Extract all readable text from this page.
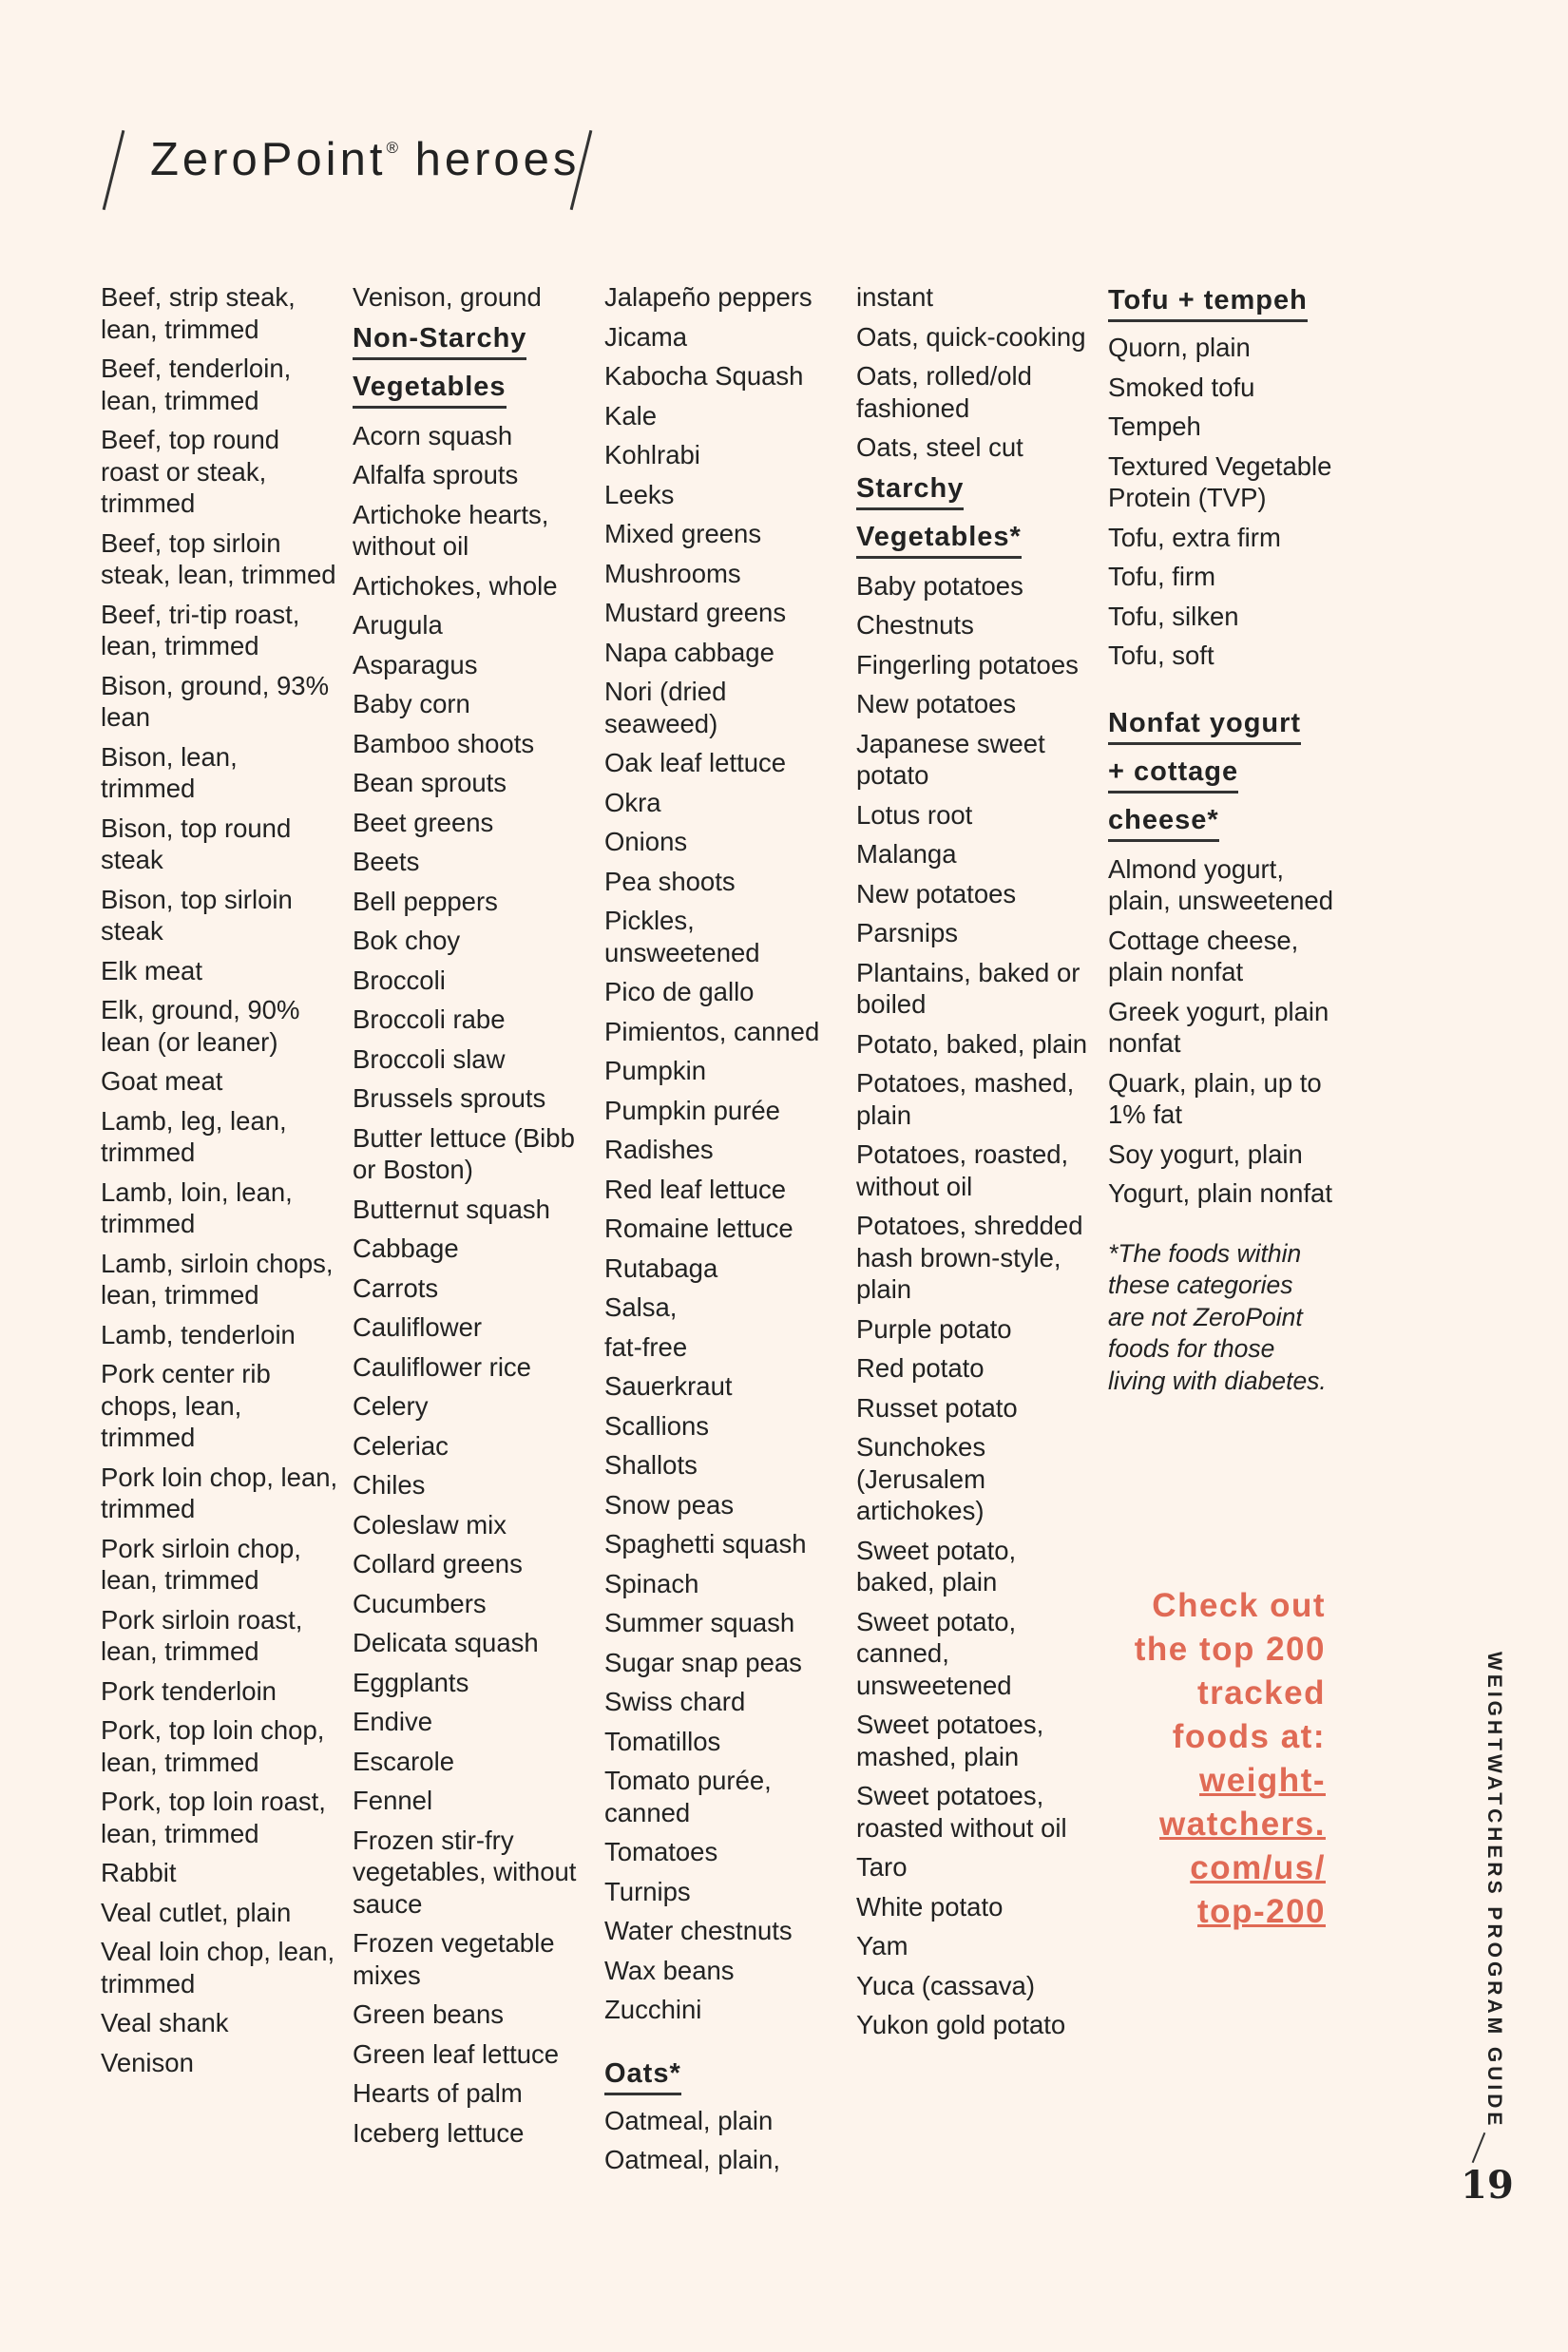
ZeroPoint® heroes
Beef, strip steak, lean, trimmed
Beef, tenderloin, lean, trimmed
Beef, top round roast or steak, trimmed
Beef, top sirloin steak, lean, trimmed
Beef, tri-tip roast, lean, trimmed
Bison, ground, 93% lean
Bison, lean, trimmed
Bison, top round steak
Bison, top sirloin steak
Elk meat
Elk, ground, 90% lean (or leaner)
Goat meat
Lamb, leg, lean, trimmed
Lamb, loin, lean, trimmed
Lamb, sirloin chops, lean, trimmed
Lamb, tenderloin
Pork center rib chops, lean, trimmed
Pork loin chop, lean, trimmed
Pork sirloin chop, lean, trimmed
Pork sirloin roast, lean, trimmed
Pork tenderloin
Pork, top loin chop, lean, trimmed
Pork, top loin roast, lean, trimmed
Rabbit
Veal cutlet, plain
Veal loin chop, lean, trimmed
Veal shank
Venison
Venison, ground
Non-Starchy
Vegetables
Acorn squash
Alfalfa sprouts
Artichoke hearts, without oil
Artichokes, whole
Arugula
Asparagus
Baby corn
Bamboo shoots
Bean sprouts
Beet greens
Beets
Bell peppers
Bok choy
Broccoli
Broccoli rabe
Broccoli slaw
Brussels sprouts
Butter lettuce (Bibb or Boston)
Butternut squash
Cabbage
Carrots
Cauliflower
Cauliflower rice
Celery
Celeriac
Chiles
Coleslaw mix
Collard greens
Cucumbers
Delicata squash
Eggplants
Endive
Escarole
Fennel
Frozen stir-fry vegetables, without sauce
Frozen vegetable mixes
Green beans
Green leaf lettuce
Hearts of palm
Iceberg lettuce
Jalapeño peppers
Jicama
Kabocha Squash
Kale
Kohlrabi
Leeks
Mixed greens
Mushrooms
Mustard greens
Napa cabbage
Nori (dried seaweed)
Oak leaf lettuce
Okra
Onions
Pea shoots
Pickles, unsweetened
Pico de gallo
Pimientos, canned
Pumpkin
Pumpkin purée
Radishes
Red leaf lettuce
Romaine lettuce
Rutabaga
Salsa,
fat-free
Sauerkraut
Scallions
Shallots
Snow peas
Spaghetti squash
Spinach
Summer squash
Sugar snap peas
Swiss chard
Tomatillos
Tomato purée, canned
Tomatoes
Turnips
Water chestnuts
Wax beans
Zucchini
Oats*
Oatmeal, plain
Oatmeal, plain,
instant
Oats, quick-cooking
Oats, rolled/old fashioned
Oats, steel cut
Starchy
Vegetables*
Baby potatoes
Chestnuts
Fingerling potatoes
New potatoes
Japanese sweet potato
Lotus root
Malanga
New potatoes
Parsnips
Plantains, baked or boiled
Potato, baked, plain
Potatoes, mashed, plain
Potatoes, roasted, without oil
Potatoes, shredded hash brown-style, plain
Purple potato
Red potato
Russet potato
Sunchokes (Jerusalem artichokes)
Sweet potato, baked, plain
Sweet potato, canned, unsweetened
Sweet potatoes, mashed, plain
Sweet potatoes, roasted without oil
Taro
White potato
Yam
Yuca (cassava)
Yukon gold potato
Tofu + tempeh
Quorn, plain
Smoked tofu
Tempeh
Textured Vegetable Protein (TVP)
Tofu, extra firm
Tofu, firm
Tofu, silken
Tofu, soft
Nonfat yogurt
+ cottage
cheese*
Almond yogurt, plain, unsweetened
Cottage cheese, plain nonfat
Greek yogurt, plain nonfat
Quark, plain, up to 1% fat
Soy yogurt, plain
Yogurt, plain nonfat
*The foods within these categories are not ZeroPoint foods for those living with diabetes.
Check out
the top 200
tracked
foods at:
weight-
watchers.
com/us/
top-200	WEIGHTWATCHERS PROGRAM GUIDE
19
